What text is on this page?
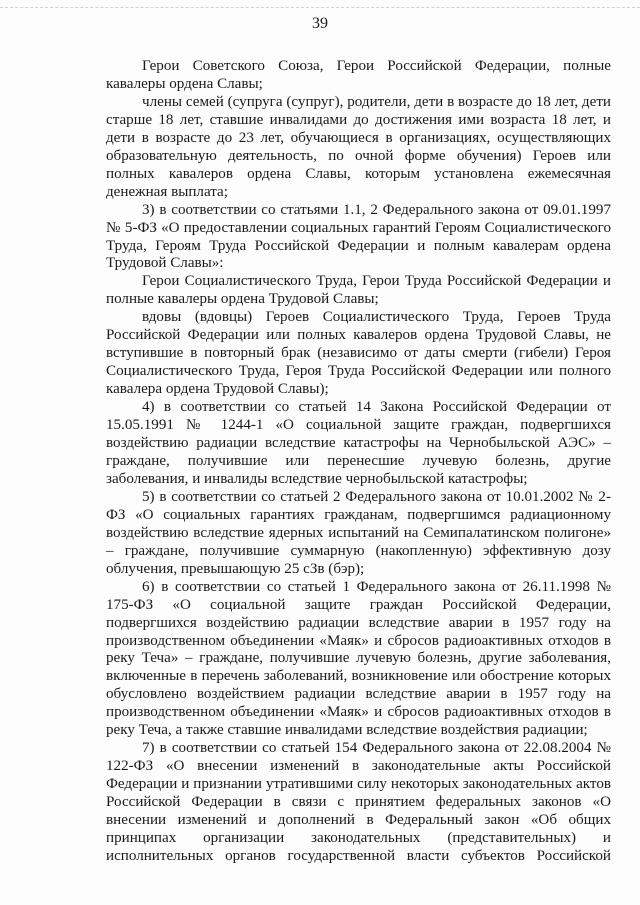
39

Герои Советского Союза, Герои Российской Федерации, полные кавалеры ордена Славы;

члены семей (супруга (супруг), родители, дети в возрасте до 18 лет, дети старше 18 лет, ставшие инвалидами до достижения ими возраста 18 лет, и дети в возрасте до 23 лет, обучающиеся в организациях, осуществляющих образовательную деятельность, по очной форме обучения) Героев или полных кавалеров ордена Славы, которым установлена ежемесячная денежная выплата;

3) в соответствии со статьями 1.1, 2 Федерального закона от 09.01.1997 № 5-ФЗ «О предоставлении социальных гарантий Героям Социалистического Труда, Героям Труда Российской Федерации и полным кавалерам ордена Трудовой Славы»:

Герои Социалистического Труда, Герои Труда Российской Федерации и полные кавалеры ордена Трудовой Славы;

вдовы (вдовцы) Героев Социалистического Труда, Героев Труда Российской Федерации или полных кавалеров ордена Трудовой Славы, не вступившие в повторный брак (независимо от даты смерти (гибели) Героя Социалистического Труда, Героя Труда Российской Федерации или полного кавалера ордена Трудовой Славы);

4) в соответствии со статьей 14 Закона Российской Федерации от 15.05.1991 № 1244-1 «О социальной защите граждан, подвергшихся воздействию радиации вследствие катастрофы на Чернобыльской АЭС» – граждане, получившие или перенесшие лучевую болезнь, другие заболевания, и инвалиды вследствие чернобыльской катастрофы;

5) в соответствии со статьей 2 Федерального закона от 10.01.2002 № 2-ФЗ «О социальных гарантиях гражданам, подвергшимся радиационному воздействию вследствие ядерных испытаний на Семипалатинском полигоне» – граждане, получившие суммарную (накопленную) эффективную дозу облучения, превышающую 25 сЗв (бэр);

6) в соответствии со статьей 1 Федерального закона от 26.11.1998 № 175-ФЗ «О социальной защите граждан Российской Федерации, подвергшихся воздействию радиации вследствие аварии в 1957 году на производственном объединении «Маяк» и сбросов радиоактивных отходов в реку Теча» – граждане, получившие лучевую болезнь, другие заболевания, включенные в перечень заболеваний, возникновение или обострение которых обусловлено воздействием радиации вследствие аварии в 1957 году на производственном объединении «Маяк» и сбросов радиоактивных отходов в реку Теча, а также ставшие инвалидами вследствие воздействия радиации;

7) в соответствии со статьей 154 Федерального закона от 22.08.2004 № 122-ФЗ «О внесении изменений в законодательные акты Российской Федерации и признании утратившими силу некоторых законодательных актов Российской Федерации в связи с принятием федеральных законов «О внесении изменений и дополнений в Федеральный закон «Об общих принципах организации законодательных (представительных) и исполнительных органов государственной власти субъектов Российской
